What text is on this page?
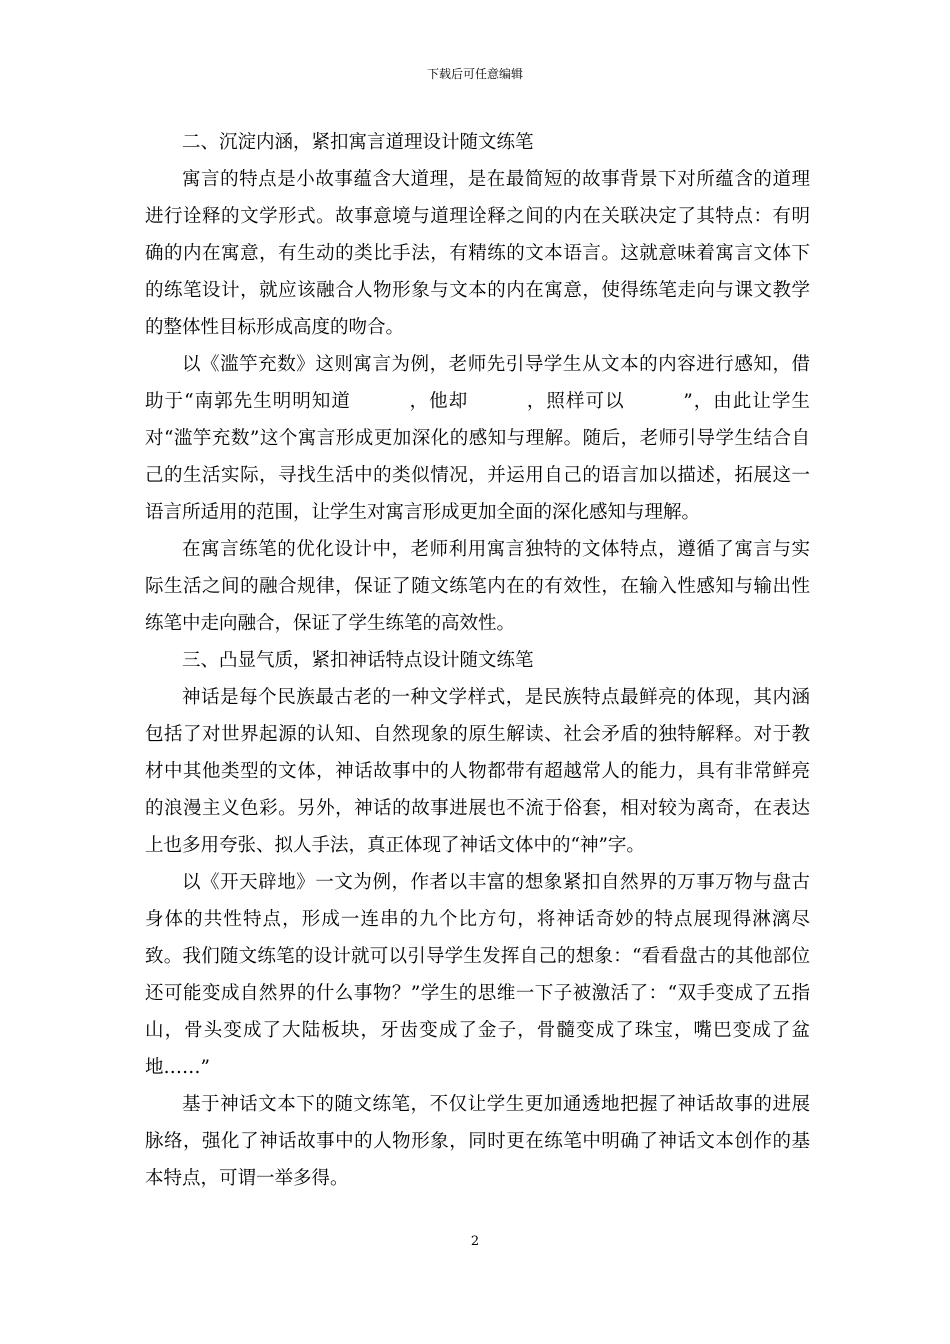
下载后可任意编辑

二、沉淀内涵，紧扣寓言道理设计随文练笔

寓言的特点是小故事蕴含大道理，是在最简短的故事背景下对所蕴含的道理进行诠释的文学形式。故事意境与道理诠释之间的内在关联决定了其特点：有明确的内在寓意，有生动的类比手法，有精练的文本语言。这就意味着寓言文体下的练笔设计，就应该融合人物形象与文本的内在寓意，使得练笔走向与课文教学的整体性目标形成高度的吻合。

以《滥竽充数》这则寓言为例，老师先引导学生从文本的内容进行感知，借助于“南郭先生明明知道　　　，他却　　　，照样可以　　　”，由此让学生对“滥竽充数”这个寓言形成更加深化的感知与理解。随后，老师引导学生结合自己的生活实际，寻找生活中的类似情况，并运用自己的语言加以描述，拓展这一语言所适用的范围，让学生对寓言形成更加全面的深化感知与理解。

在寓言练笔的优化设计中，老师利用寓言独特的文体特点，遵循了寓言与实际生活之间的融合规律，保证了随文练笔内在的有效性，在输入性感知与输出性练笔中走向融合，保证了学生练笔的高效性。

三、凸显气质，紧扣神话特点设计随文练笔

神话是每个民族最古老的一种文学样式，是民族特点最鲜亮的体现，其内涵包括了对世界起源的认知、自然现象的原生解读、社会矛盾的独特解释。对于教材中其他类型的文体，神话故事中的人物都带有超越常人的能力，具有非常鲜亮的浪漫主义色彩。另外，神话的故事进展也不流于俗套，相对较为离奇，在表达上也多用夸张、拟人手法，真正体现了神话文体中的“神”字。

以《开天辟地》一文为例，作者以丰富的想象紧扣自然界的万事万物与盘古身体的共性特点，形成一连串的九个比方句，将神话奇妙的特点展现得淋漓尽致。我们随文练笔的设计就可以引导学生发挥自己的想象：“看看盘古的其他部位还可能变成自然界的什么事物？”学生的思维一下子被激活了：“双手变成了五指山，骨头变成了大陆板块，牙齿变成了金子，骨髓变成了珠宝，嘴巴变成了盆地……”

基于神话文本下的随文练笔，不仅让学生更加通透地把握了神话故事的进展脉络，强化了神话故事中的人物形象，同时更在练笔中明确了神话文本创作的基本特点，可谓一举多得。

2
